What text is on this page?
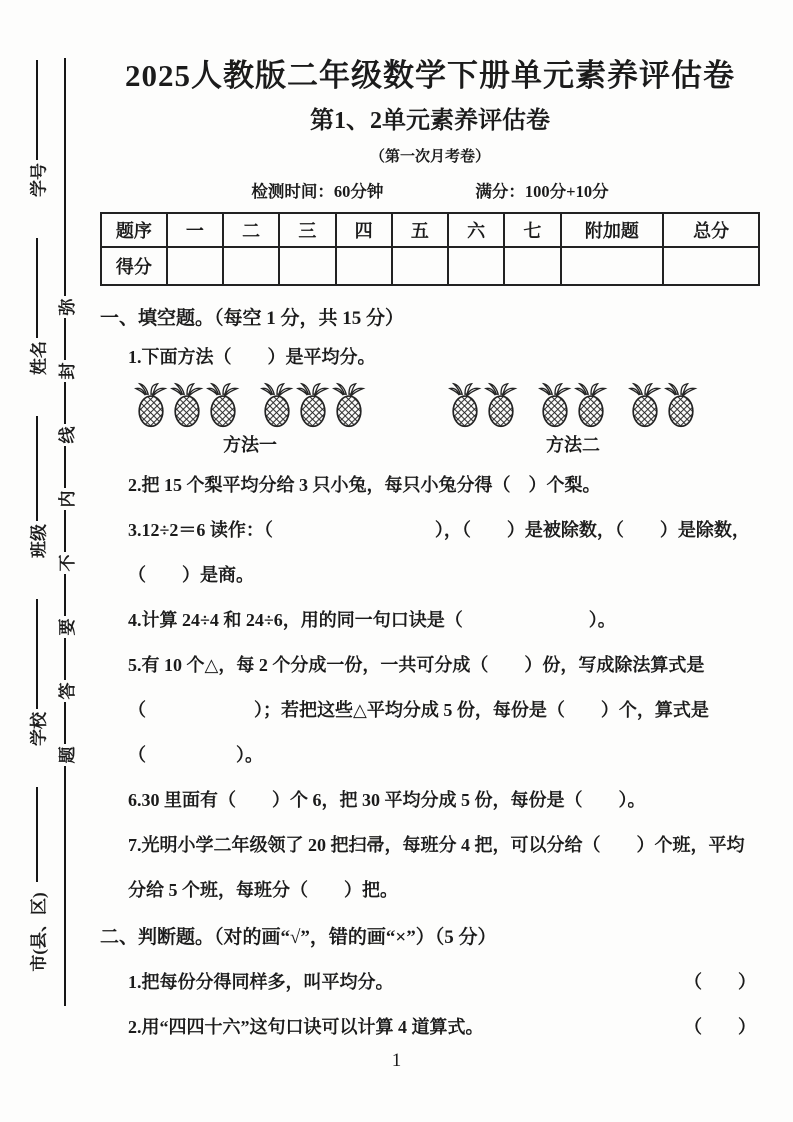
学号
姓名
班级
学校
市(县、区)
弥
封
线
内
不
要
答
题
2025人教版二年级数学下册单元素养评估卷
第1、2单元素养评估卷
（第一次月考卷）
检测时间：60分钟	满分：100分+10分
题序	一	二	三	四	五	六	七	附加题	总分
得分									
一、填空题。（每空 1 分，共 15 分）
1.下面方法（　　）是平均分。
方法一	方法二
2.把 15 个梨平均分给 3 只小兔，每只小兔分得（　）个梨。
3.12÷2＝6 读作：（　　　　　　　　　），（　　）是被除数，（　　）是除数，（　　）是商。
4.计算 24÷4 和 24÷6，用的同一句口诀是（　　　　　　　）。
5.有 10 个△，每 2 个分成一份，一共可分成（　　）份，写成除法算式是（　　　　　　）；若把这些△平均分成 5 份，每份是（　　）个，算式是（　　　　　）。
6.30 里面有（　　）个 6，把 30 平均分成 5 份，每份是（　　）。
7.光明小学二年级领了 20 把扫帚，每班分 4 把，可以分给（　　）个班，平均分给 5 个班，每班分（　　）把。
二、判断题。（对的画“√”，错的画“×”）（5 分）
1.把每份分得同样多，叫平均分。	（　　）
2.用“四四十六”这句口诀可以计算 4 道算式。	（　　）
1
